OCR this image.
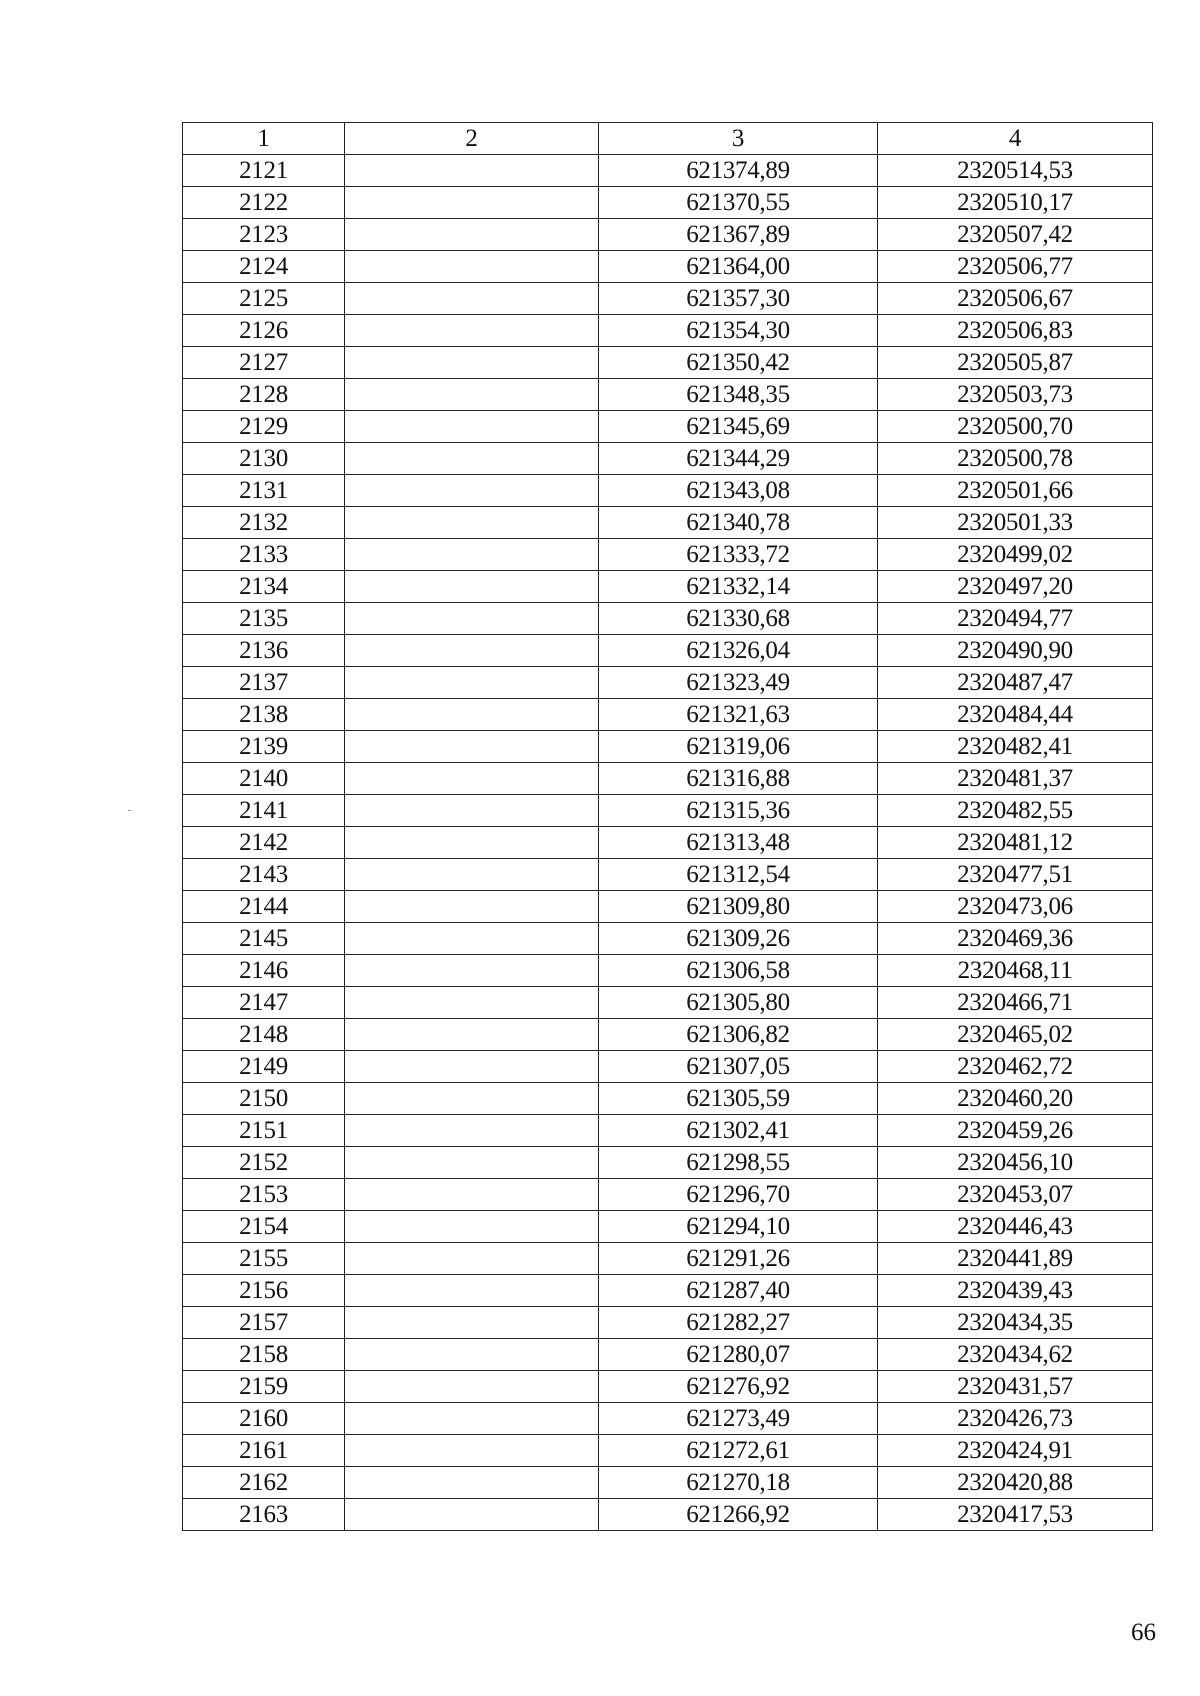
1	2	3	4
2121		621374,89	2320514,53
2122		621370,55	2320510,17
2123		621367,89	2320507,42
2124		621364,00	2320506,77
2125		621357,30	2320506,67
2126		621354,30	2320506,83
2127		621350,42	2320505,87
2128		621348,35	2320503,73
2129		621345,69	2320500,70
2130		621344,29	2320500,78
2131		621343,08	2320501,66
2132		621340,78	2320501,33
2133		621333,72	2320499,02
2134		621332,14	2320497,20
2135		621330,68	2320494,77
2136		621326,04	2320490,90
2137		621323,49	2320487,47
2138		621321,63	2320484,44
2139		621319,06	2320482,41
2140		621316,88	2320481,37
2141		621315,36	2320482,55
2142		621313,48	2320481,12
2143		621312,54	2320477,51
2144		621309,80	2320473,06
2145		621309,26	2320469,36
2146		621306,58	2320468,11
2147		621305,80	2320466,71
2148		621306,82	2320465,02
2149		621307,05	2320462,72
2150		621305,59	2320460,20
2151		621302,41	2320459,26
2152		621298,55	2320456,10
2153		621296,70	2320453,07
2154		621294,10	2320446,43
2155		621291,26	2320441,89
2156		621287,40	2320439,43
2157		621282,27	2320434,35
2158		621280,07	2320434,62
2159		621276,92	2320431,57
2160		621273,49	2320426,73
2161		621272,61	2320424,91
2162		621270,18	2320420,88
2163		621266,92	2320417,53
66
